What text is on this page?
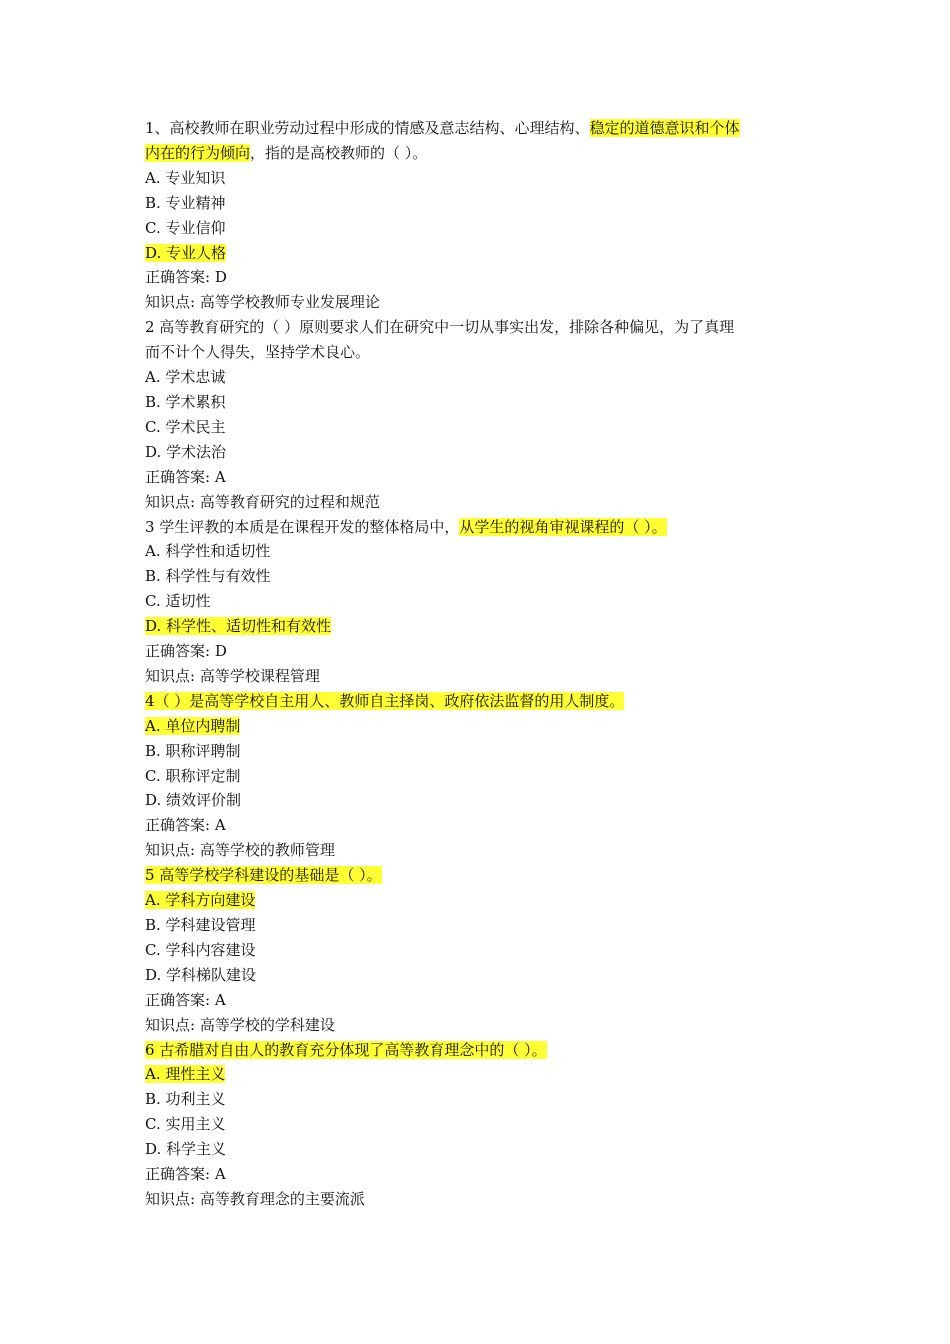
1、高校教师在职业劳动过程中形成的情感及意志结构、心理结构、稳定的道德意识和个体
内在的行为倾向，指的是高校教师的（ ）。
A. 专业知识
B. 专业精神
C. 专业信仰
D. 专业人格
正确答案: D
知识点: 高等学校教师专业发展理论
2 高等教育研究的（ ）原则要求人们在研究中一切从事实出发，排除各种偏见，为了真理
而不计个人得失，坚持学术良心。
A. 学术忠诚
B. 学术累积
C. 学术民主
D. 学术法治
正确答案: A
知识点: 高等教育研究的过程和规范
3 学生评教的本质是在课程开发的整体格局中，从学生的视角审视课程的（ ）。
A. 科学性和适切性
B. 科学性与有效性
C. 适切性
D. 科学性、适切性和有效性
正确答案: D
知识点: 高等学校课程管理
4（ ）是高等学校自主用人、教师自主择岗、政府依法监督的用人制度。
A. 单位内聘制
B. 职称评聘制
C. 职称评定制
D. 绩效评价制
正确答案: A
知识点: 高等学校的教师管理
5 高等学校学科建设的基础是（ ）。
A. 学科方向建设
B. 学科建设管理
C. 学科内容建设
D. 学科梯队建设
正确答案: A
知识点: 高等学校的学科建设
6 古希腊对自由人的教育充分体现了高等教育理念中的（ ）。
A. 理性主义
B. 功利主义
C. 实用主义
D. 科学主义
正确答案: A
知识点: 高等教育理念的主要流派
